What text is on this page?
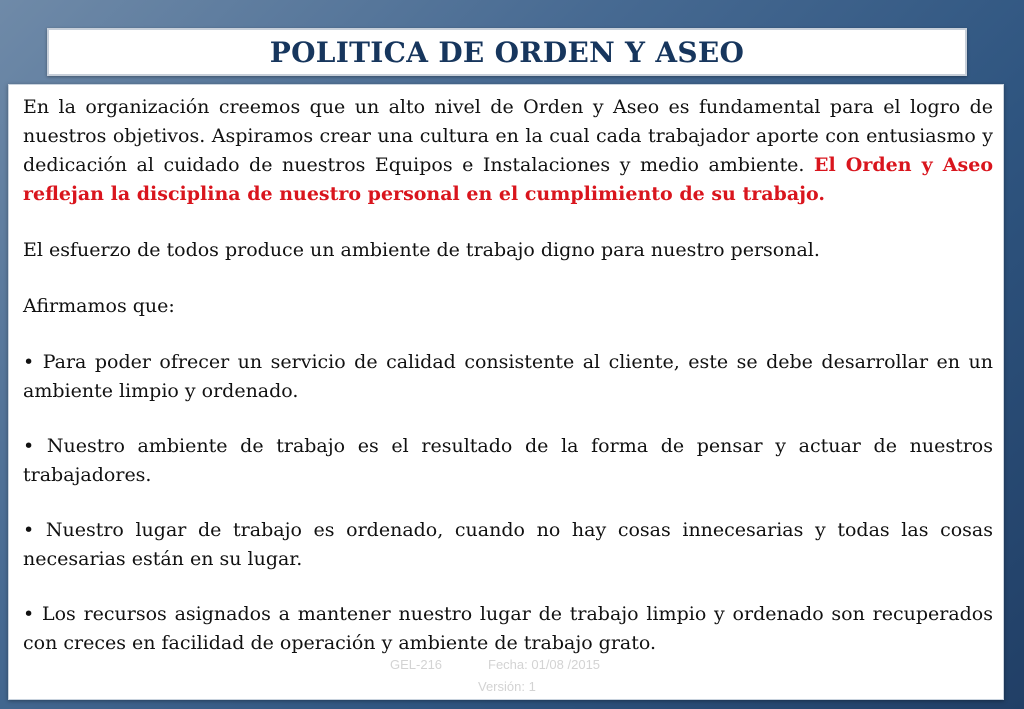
POLITICA DE ORDEN Y ASEO

En la organización creemos que un alto nivel de Orden y Aseo es fundamental para el logro de nuestros objetivos. Aspiramos crear una cultura en la cual cada trabajador aporte con entusiasmo y dedicación al cuidado de nuestros Equipos e Instalaciones y medio ambiente. El Orden y Aseo reflejan la disciplina de nuestro personal en el cumplimiento de su trabajo.

El esfuerzo de todos produce un ambiente de trabajo digno para nuestro personal.

Afirmamos que:

• Para poder ofrecer un servicio de calidad consistente al cliente, este se debe desarrollar en un ambiente limpio y ordenado.

• Nuestro ambiente de trabajo es el resultado de la forma de pensar y actuar de nuestros trabajadores.

• Nuestro lugar de trabajo es ordenado, cuando no hay cosas innecesarias y todas las cosas necesarias están en su lugar.

• Los recursos asignados a mantener nuestro lugar de trabajo limpio y ordenado son recuperados con creces en facilidad de operación y ambiente de trabajo grato.

GEL-216	Fecha: 01/08 /2015
Versión: 1
